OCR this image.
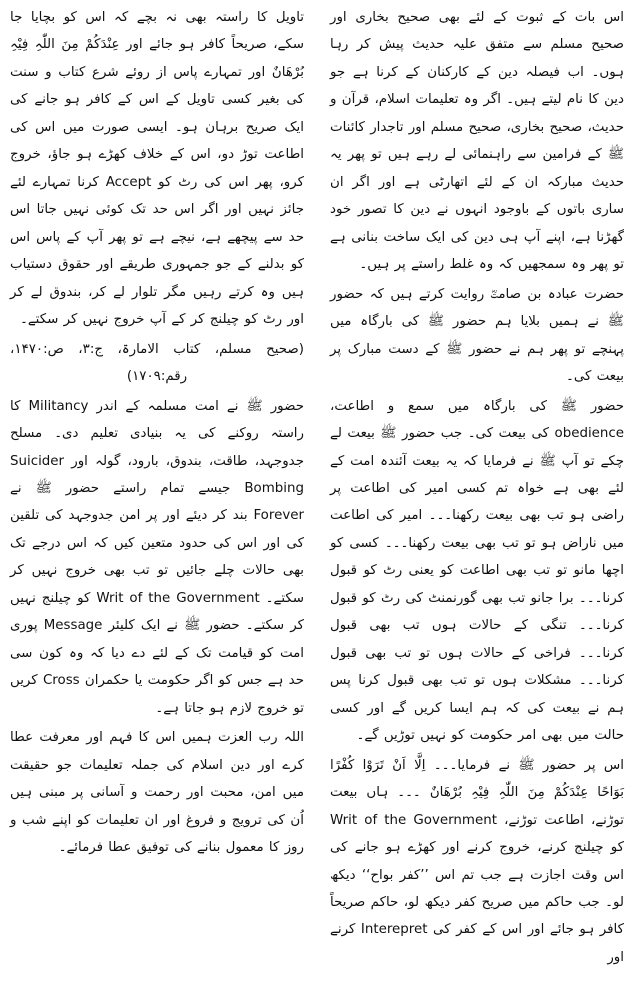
تاویل کا راستہ بھی نہ بچے کہ اس کو بچایا جا سکے، صریحاً کافر ہو جائے اور عِنْدَکُمْ مِنَ اللّٰہِ فِیْہِ بُرْھَانٌ اور تمہارے پاس از روئے شرع کتاب و سنت کی بغیر کسی تاویل کے اس کے کافر ہو جانے کی ایک صریح برہان ہو۔ ایسی صورت میں اس کی اطاعت توڑ دو، اس کے خلاف کھڑے ہو جاؤ، خروج کرو، پھر اس کی رٹ کو Accept کرنا تمہارے لئے جائز نہیں اور اگر اس حد تک کوئی نہیں جاتا اس حد سے پیچھے ہے، نیچے ہے تو پھر آپ کے پاس اس کو بدلنے کے جو جمہوری طریقے اور حقوق دستیاب ہیں وہ کرتے رہیں مگر تلوار لے کر، بندوق لے کر اور رٹ کو چیلنج کر کے آپ خروج نہیں کر سکتے۔

(صحیح مسلم، کتاب الامارۃ، ج:۳، ص:۱۴۷۰، رقم:۱۷۰۹)

حضور ﷺ نے امت مسلمہ کے اندر Militancy کا راستہ روکنے کی یہ بنیادی تعلیم دی۔ مسلح جدوجہد، طاقت، بندوق، بارود، گولہ اور Suicider Bombing جیسے تمام راستے حضور ﷺ نے Forever بند کر دیئے اور پر امن جدوجہد کی تلقین کی اور اس کی حدود متعین کیں کہ اس درجے تک بھی حالات چلے جائیں تو تب بھی خروج نہیں کر سکتے۔ Writ of the Government کو چیلنج نہیں کر سکتے۔ حضور ﷺ نے ایک کلیئر Message پوری امت کو قیامت تک کے لئے دے دیا کہ وہ کون سی حد ہے جس کو اگر حکومت یا حکمران Cross کریں تو خروج لازم ہو جاتا ہے۔

اللہ رب العزت ہمیں اس کا فہم اور معرفت عطا کرے اور دین اسلام کی جملہ تعلیمات جو حقیقت میں امن، محبت اور رحمت و آسانی پر مبنی ہیں اُن کی ترویج و فروغ اور ان تعلیمات کو اپنے شب و روز کا معمول بنانے کی توفیق عطا فرمائے۔

اس بات کے ثبوت کے لئے بھی صحیح بخاری اور صحیح مسلم سے متفق علیہ حدیث پیش کر رہا ہوں۔ اب فیصلہ دین کے کارکنان کے کرنا ہے جو دین کا نام لیتے ہیں۔ اگر وہ تعلیمات اسلام، قرآن و حدیث، صحیح بخاری، صحیح مسلم اور تاجدار کائنات ﷺ کے فرامین سے راہنمائی لے رہے ہیں تو پھر یہ حدیث مبارکہ ان کے لئے اتھارٹی ہے اور اگر ان ساری باتوں کے باوجود انہوں نے دین کا تصور خود گھڑنا ہے، اپنے آپ ہی دین کی ایک ساخت بنانی ہے تو پھر وہ سمجھیں کہ وہ غلط راستے پر ہیں۔

حضرت عبادہ بن صامتؓ روایت کرتے ہیں کہ حضور ﷺ نے ہمیں بلایا ہم حضور ﷺ کی بارگاہ میں پہنچے تو پھر ہم نے حضور ﷺ کے دست مبارک پر بیعت کی۔

حضور ﷺ کی بارگاہ میں سمع و اطاعت، obedience کی بیعت کی۔ جب حضور ﷺ بیعت لے چکے تو آپ ﷺ نے فرمایا کہ یہ بیعت آئندہ امت کے لئے بھی ہے خواہ تم کسی امیر کی اطاعت پر راضی ہو تب بھی بیعت رکھنا۔۔۔ امیر کی اطاعت میں ناراض ہو تو تب بھی بیعت رکھنا۔۔۔ کسی کو اچھا مانو تو تب بھی اطاعت کو یعنی رٹ کو قبول کرنا۔۔۔ برا جانو تب بھی گورنمنٹ کی رٹ کو قبول کرنا۔۔۔ تنگی کے حالات ہوں تب بھی قبول کرنا۔۔۔ فراخی کے حالات ہوں تو تب بھی قبول کرنا۔۔۔ مشکلات ہوں تو تب بھی قبول کرنا پس ہم نے بیعت کی کہ ہم ایسا کریں گے اور کسی حالت میں بھی امر حکومت کو نہیں توڑیں گے۔

اس پر حضور ﷺ نے فرمایا۔۔۔ اِلَّا اَنْ تَرَوْا کُفْرًا بَوَاحًا عِنْدَکُمْ مِنَ اللّٰہِ فِیْہِ بُرْھَانٌ ۔۔۔ ہاں بیعت توڑنے، اطاعت توڑنے، Writ of the Government کو چیلنج کرنے، خروج کرنے اور کھڑے ہو جانے کی اس وقت اجازت ہے جب تم اس ’’کفر بواح‘‘ دیکھ لو۔ جب حاکم میں صریح کفر دیکھ لو، حاکم صریحاً کافر ہو جائے اور اس کے کفر کی Interepret کرنے اور
